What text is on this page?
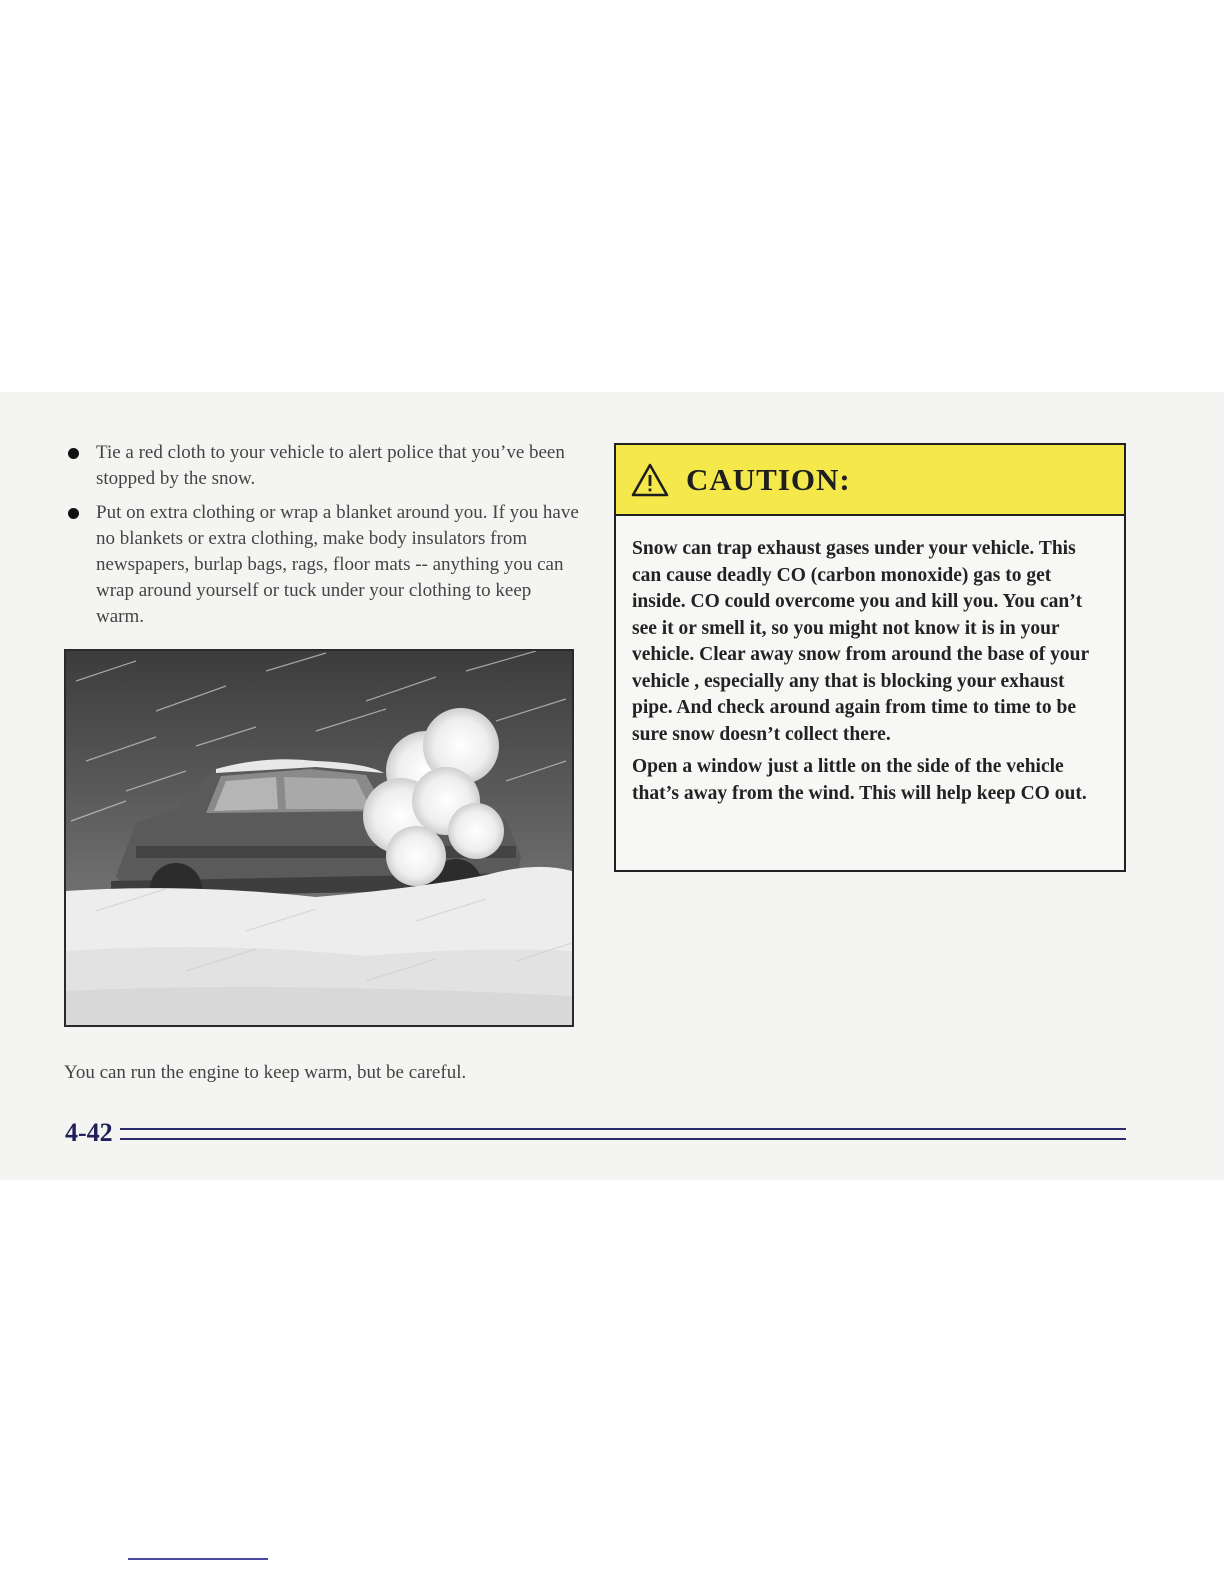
Tie a red cloth to your vehicle to alert police that you’ve been stopped by the snow.
Put on extra clothing or wrap a blanket around you. If you have no blankets or extra clothing, make body insulators from newspapers, burlap bags, rags, floor mats -- anything you can wrap around yourself or tuck under your clothing to keep warm.
You can run the engine to keep warm, but be careful.
CAUTION:

Snow can trap exhaust gases under your vehicle. This can cause deadly CO (carbon monoxide) gas to get inside. CO could overcome you and kill you. You can’t see it or smell it, so you might not know it is in your vehicle. Clear away snow from around the base of your vehicle , especially any that is blocking your exhaust pipe. And check around again from time to time to be sure snow doesn’t collect there.

Open a window just a little on the side of the vehicle that’s away from the wind. This will help keep CO out.

4-42
